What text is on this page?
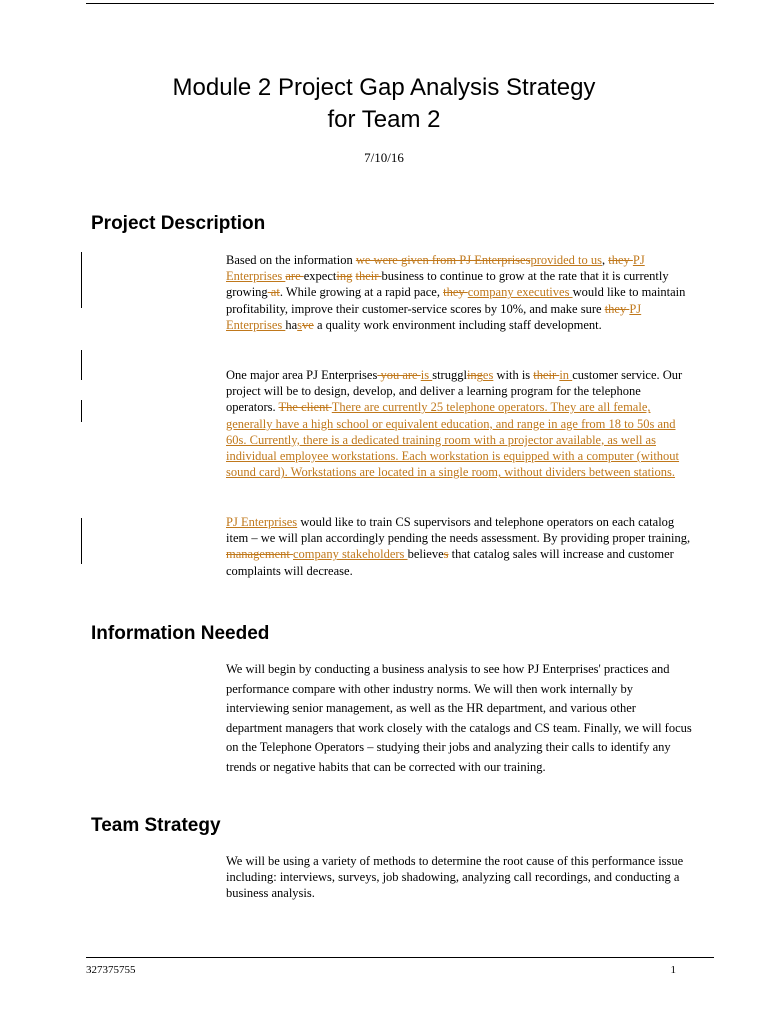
Module 2 Project Gap Analysis Strategy
for Team 2
7/10/16
Project Description

Based on the information we were given from PJ Enterprisesprovided to us, they PJ Enterprises are expecting their business to continue to grow at the rate that it is currently growing at. While growing at a rapid pace, they company executives would like to maintain profitability, improve their customer-service scores by 10%, and make sure they PJ Enterprises hasve a quality work environment including staff development.

One major area PJ Enterprises you are is strugglinges with is their in customer service. Our project will be to design, develop, and deliver a learning program for the telephone operators. The client There are currently 25 telephone operators. They are all female, generally have a high school or equivalent education, and range in age from 18 to 50s and 60s. Currently, there is a dedicated training room with a projector available, as well as individual employee workstations. Each workstation is equipped with a computer (without sound card). Workstations are located in a single room, without dividers between stations.

PJ Enterprises would like to train CS supervisors and telephone operators on each catalog item – we will plan accordingly pending the needs assessment. By providing proper training, management company stakeholders believes that catalog sales will increase and customer complaints will decrease.

Information Needed

We will begin by conducting a business analysis to see how PJ Enterprises' practices and performance compare with other industry norms. We will then work internally by interviewing senior management, as well as the HR department, and various other department managers that work closely with the catalogs and CS team. Finally, we will focus on the Telephone Operators – studying their jobs and analyzing their calls to identify any trends or negative habits that can be corrected with our training.

Team Strategy

We will be using a variety of methods to determine the root cause of this performance issue including: interviews, surveys, job shadowing, analyzing call recordings, and conducting a business analysis.

327375755	1
